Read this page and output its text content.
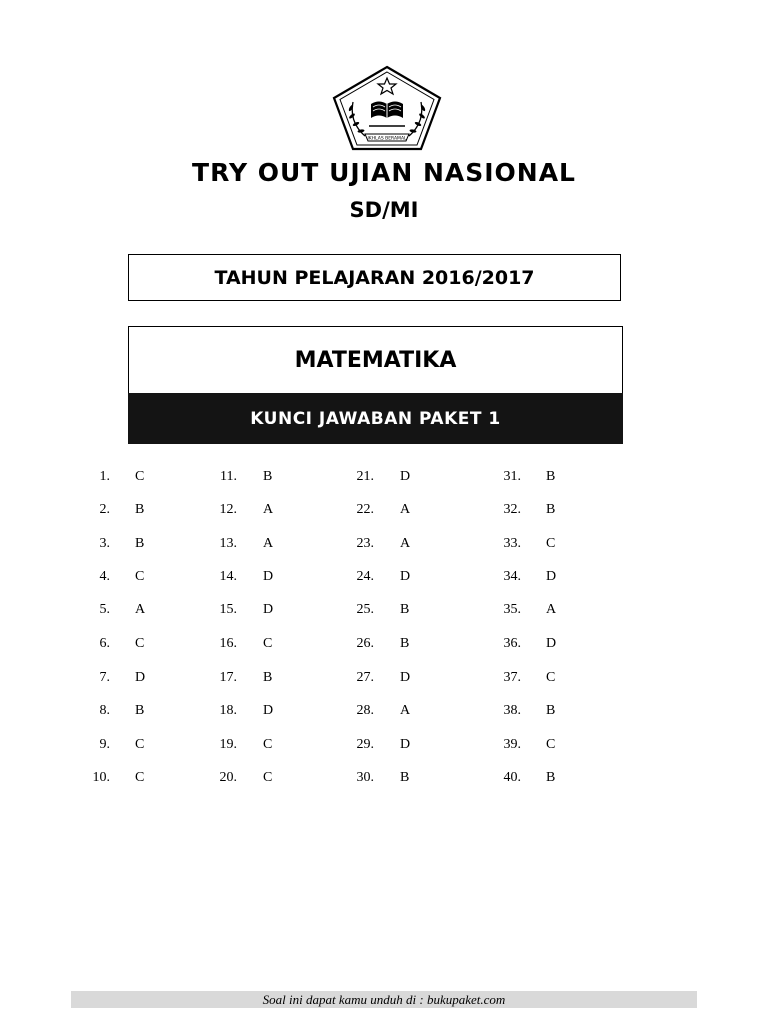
IKHLAS BERAMAL
TRY OUT UJIAN NASIONAL
SD/MI
TAHUN PELAJARAN 2016/2017
MATEMATIKA
KUNCI JAWABAN PAKET 1
1. C
2. B
3. B
4. C
5. A
6. C
7. D
8. B
9. C
10. C
11. B
12. A
13. A
14. D
15. D
16. C
17. B
18. D
19. C
20. C
21. D
22. A
23. A
24. D
25. B
26. B
27. D
28. A
29. D
30. B
31. B
32. B
33. C
34. D
35. A
36. D
37. C
38. B
39. C
40. B
Soal ini dapat kamu unduh di : bukupaket.com
